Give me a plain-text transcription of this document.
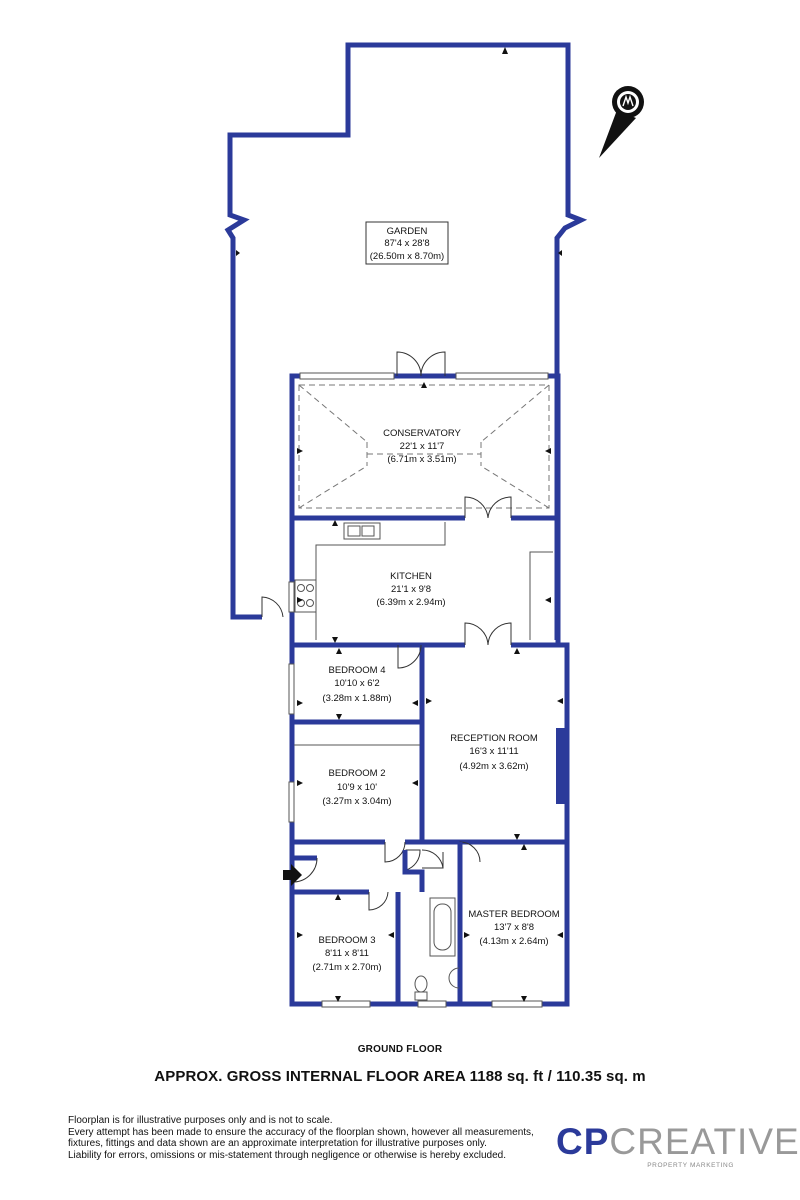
GARDEN
87'4 x 28'8
(26.50m x 8.70m)
CONSERVATORY
22'1 x 11'7
(6.71m x 3.51m)
KITCHEN
21'1 x 9'8
(6.39m x 2.94m)
BEDROOM 4
10'10 x 6'2
(3.28m x 1.88m)
RECEPTION ROOM
16'3 x 11'11
(4.92m x 3.62m)
BEDROOM 2
10'9 x 10'
(3.27m x 3.04m)
MASTER BEDROOM
13'7 x 8'8
(4.13m x 2.64m)
BEDROOM 3
8'11 x 8'11
(2.71m x 2.70m)
GROUND FLOOR
APPROX. GROSS INTERNAL FLOOR AREA 1188 sq. ft / 110.35 sq. m
Floorplan is for illustrative purposes only and is not to scale.
Every attempt has been made to ensure the accuracy of the floorplan shown, however all measurements,
fixtures, fittings and data shown are an approximate interpretation for illustrative purposes only.
Liability for errors, omissions or mis-statement through negligence or otherwise is hereby excluded.	CPCREATIVE
PROPERTY MARKETING
